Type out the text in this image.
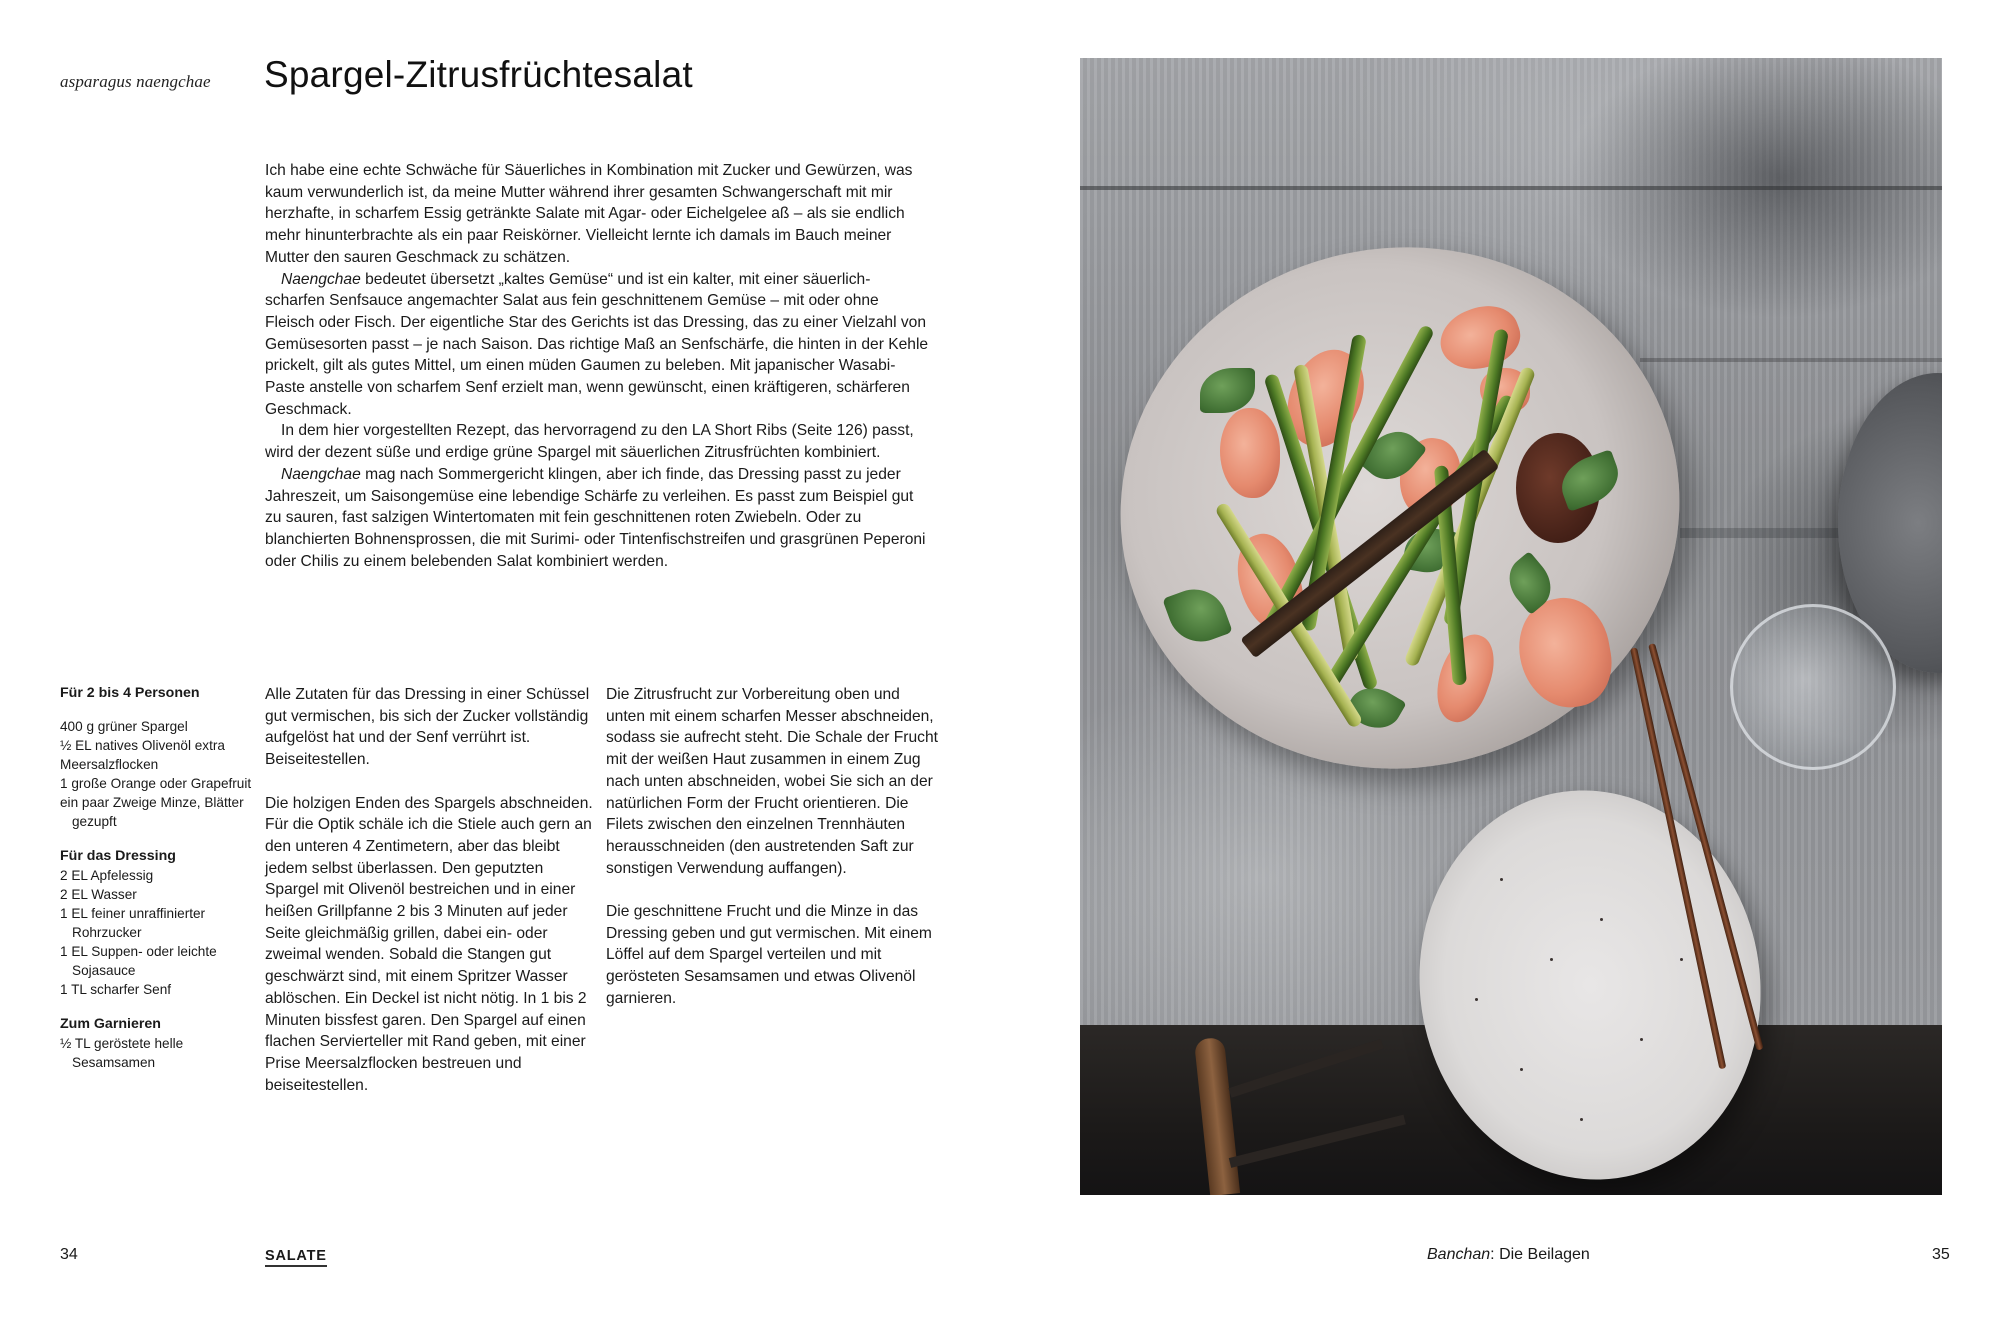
asparagus naengchae Spargel-Zitrusfrüchtesalat

Ich habe eine echte Schwäche für Säuerliches in Kombination mit Zucker und Gewürzen, was kaum verwunderlich ist, da meine Mutter während ihrer gesamten Schwangerschaft mit mir herzhafte, in scharfem Essig getränkte Salate mit Agar- oder Eichelgelee aß – als sie endlich mehr hinunterbrachte als ein paar Reiskörner. Vielleicht lernte ich damals im Bauch meiner Mutter den sauren Geschmack zu schätzen.

Naengchae bedeutet übersetzt „kaltes Gemüse“ und ist ein kalter, mit einer säuerlich-scharfen Senfsauce angemachter Salat aus fein geschnittenem Gemüse – mit oder ohne Fleisch oder Fisch. Der eigentliche Star des Gerichts ist das Dressing, das zu einer Vielzahl von Gemüsesorten passt – je nach Saison. Das richtige Maß an Senfschärfe, die hinten in der Kehle prickelt, gilt als gutes Mittel, um einen müden Gaumen zu beleben. Mit japanischer Wasabi-Paste anstelle von scharfem Senf erzielt man, wenn gewünscht, einen kräftigeren, schärferen Geschmack.

In dem hier vorgestellten Rezept, das hervorragend zu den LA Short Ribs (Seite 126) passt, wird der dezent süße und erdige grüne Spargel mit säuerlichen Zitrusfrüchten kombiniert.

Naengchae mag nach Sommergericht klingen, aber ich finde, das Dressing passt zu jeder Jahreszeit, um Saisongemüse eine lebendige Schärfe zu verleihen. Es passt zum Beispiel gut zu sauren, fast salzigen Wintertomaten mit fein geschnittenen roten Zwiebeln. Oder zu blanchierten Bohnensprossen, die mit Surimi- oder Tintenfischstreifen und grasgrünen Peperoni oder Chilis zu einem belebenden Salat kombiniert werden.

Für 2 bis 4 Personen
400 g grüner Spargel
½ EL natives Olivenöl extra
Meersalzflocken
1 große Orange oder Grapefruit
ein paar Zweige Minze, Blätter gezupft
Für das Dressing
2 EL Apfelessig
2 EL Wasser
1 EL feiner unraffinierter Rohrzucker
1 EL Suppen- oder leichte Sojasauce
1 TL scharfer Senf
Zum Garnieren
½ TL geröstete helle Sesamsamen

Alle Zutaten für das Dressing in einer Schüssel gut vermischen, bis sich der Zucker vollständig aufgelöst hat und der Senf verrührt ist. Beiseitestellen.

Die holzigen Enden des Spargels abschneiden. Für die Optik schäle ich die Stiele auch gern an den unteren 4 Zentimetern, aber das bleibt jedem selbst überlassen. Den geputzten Spargel mit Olivenöl bestreichen und in einer heißen Grillpfanne 2 bis 3 Minuten auf jeder Seite gleichmäßig grillen, dabei ein- oder zweimal wenden. Sobald die Stangen gut geschwärzt sind, mit einem Spritzer Wasser ablöschen. Ein Deckel ist nicht nötig. In 1 bis 2 Minuten bissfest garen. Den Spargel auf einen flachen Servierteller mit Rand geben, mit einer Prise Meersalzflocken bestreuen und beiseitestellen.

Die Zitrusfrucht zur Vorbereitung oben und unten mit einem scharfen Messer abschneiden, sodass sie aufrecht steht. Die Schale der Frucht mit der weißen Haut zusammen in einem Zug nach unten abschneiden, wobei Sie sich an der natürlichen Form der Frucht orientieren. Die Filets zwischen den einzelnen Trennhäuten herausschneiden (den austretenden Saft zur sonstigen Verwendung auffangen).

Die geschnittene Frucht und die Minze in das Dressing geben und gut vermischen. Mit einem Löffel auf dem Spargel verteilen und mit gerösteten Sesamsamen und etwas Olivenöl garnieren.

34	SALATE	Banchan: Die Beilagen	35
